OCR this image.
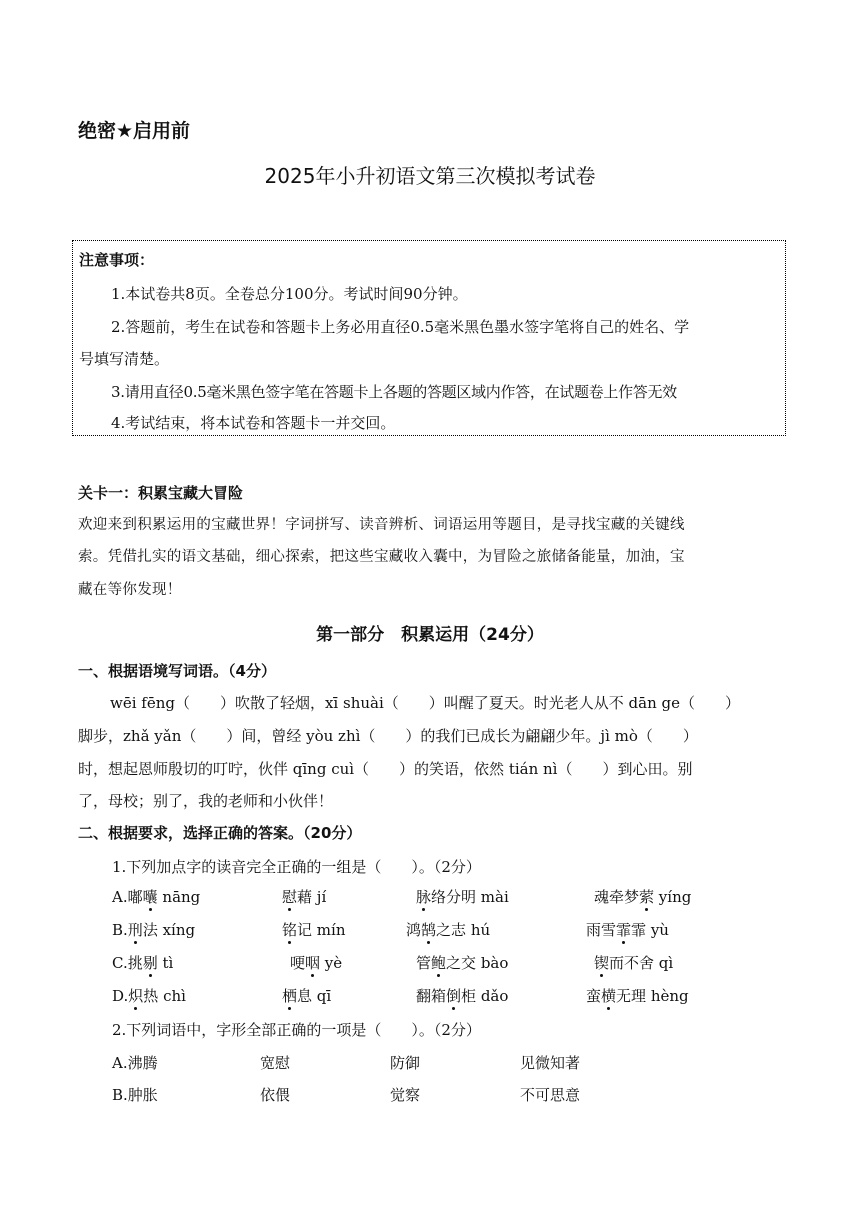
绝密★启用前
2025年小升初语文第三次模拟考试卷
注意事项：
1.本试卷共8页。全卷总分100分。考试时间90分钟。
2.答题前，考生在试卷和答题卡上务必用直径0.5毫米黑色墨水签字笔将自己的姓名、学
号填写清楚。
3.请用直径0.5毫米黑色签字笔在答题卡上各题的答题区域内作答，在试题卷上作答无效
4.考试结束，将本试卷和答题卡一并交回。
关卡一：积累宝藏大冒险
欢迎来到积累运用的宝藏世界！字词拼写、读音辨析、词语运用等题目，是寻找宝藏的关键线
索。凭借扎实的语文基础，细心探索，把这些宝藏收入囊中，为冒险之旅储备能量，加油，宝
藏在等你发现！
第一部分　积累运用（24分）
一、根据语境写词语。（4分）
wēi fēng（　　）吹散了轻烟，xī shuài（　　）叫醒了夏天。时光老人从不 dān ge（　　）
脚步，zhǎ yǎn（　　）间，曾经 yòu zhì（　　）的我们已成长为翩翩少年。jì mò（　　）
时，想起恩师殷切的叮咛，伙伴 qīng cuì（　　）的笑语，依然 tián nì（　　）到心田。别
了，母校；别了，我的老师和小伙伴！
二、根据要求，选择正确的答案。（20分）
1.下列加点字的读音完全正确的一组是（　　）。（2分）
A.嘟囔 nāng	慰藉 jí	脉络分明 mài	魂牵梦萦 yíng
B.刑法 xíng	铭记 mín	鸿鹄之志 hú	雨雪霏霏 yù
C.挑剔 tì	哽咽 yè	管鲍之交 bào	锲而不舍 qì
D.炽热 chì	栖息 qī	翻箱倒柜 dǎo	蛮横无理 hèng
2.下列词语中，字形全部正确的一项是（　　）。（2分）
A.沸腾	宽慰	防御	见微知著
B.肿胀	依偎	觉察	不可思意
